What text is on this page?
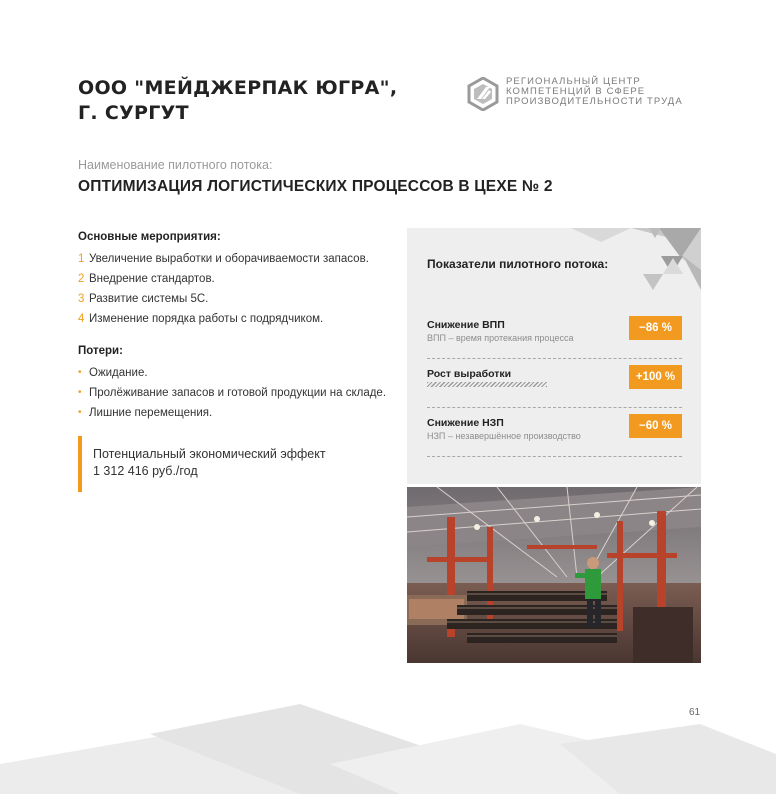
ООО "МЕЙДЖЕРПАК ЮГРА",
Г. СУРГУТ
РЕГИОНАЛЬНЫЙ ЦЕНТР
КОМПЕТЕНЦИЙ В СФЕРЕ
ПРОИЗВОДИТЕЛЬНОСТИ ТРУДА
Наименование пилотного потока:
ОПТИМИЗАЦИЯ ЛОГИСТИЧЕСКИХ ПРОЦЕССОВ В ЦЕХЕ № 2
Основные мероприятия:
1 Увеличение выработки и оборачиваемости запасов.
2 Внедрение стандартов.
3 Развитие системы 5С.
4 Изменение порядка работы с подрядчиком.
Потери:
• Ожидание.
• Пролёживание запасов и готовой продукции на складе.
• Лишние перемещения.
Потенциальный экономический эффект
1 312 416 руб./год
Показатели пилотного потока:
Снижение ВПП
ВПП – время протекания процесса
−86 %
Рост выработки	+100 %
Снижение НЗП
НЗП – незавершённое производство
−60 %
61
